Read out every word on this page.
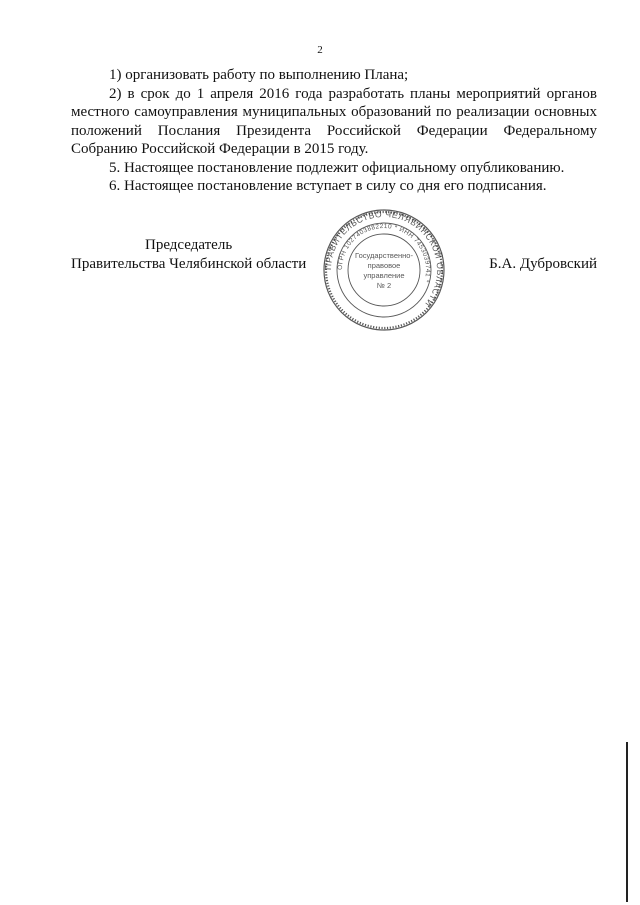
2

1) организовать работу по выполнению Плана;

2) в срок до 1 апреля 2016 года разработать планы мероприятий органов местного самоуправления муниципальных образований по реализации основных положений Послания Президента Российской Федерации Федеральному Собранию Российской Федерации в 2015 году.

5. Настоящее постановление подлежит официальному опубликованию.

6. Настоящее постановление вступает в силу со дня его подписания.

Председатель
Правительства Челябинской области	Б.А. Дубровский
ПРАВИТЕЛЬСТВО ЧЕЛЯБИНСКОЙ ОБЛАСТИ
ОГРН 1027403882210 * ИНН 7453039741 *
Государственно-
правовое
управление
№ 2
